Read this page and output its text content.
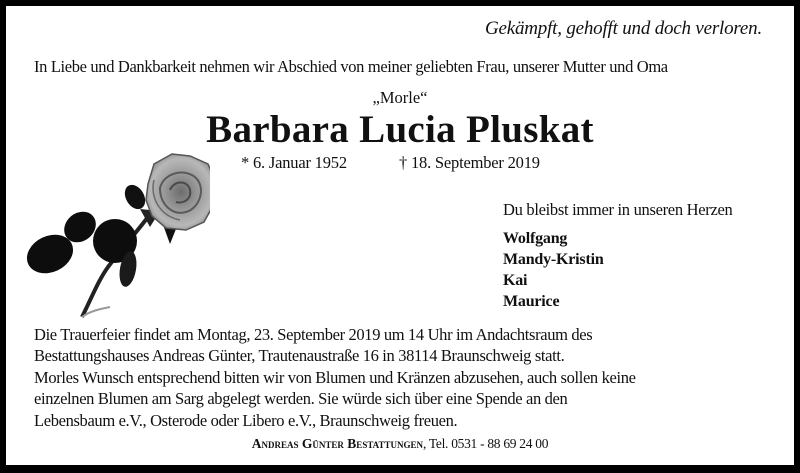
Gekämpft, gehofft und doch verloren.
In Liebe und Dankbarkeit nehmen wir Abschied von meiner geliebten Frau, unserer Mutter und Oma
„Morle“
Barbara Lucia Pluskat
* 6. Januar 1952	† 18. September 2019
Du bleibst immer in unseren Herzen
Wolfgang
Mandy-Kristin
Kai
Maurice
Die Trauerfeier findet am Montag, 23. September 2019 um 14 Uhr im Andachtsraum des
Bestattungshauses Andreas Günter, Trautenaustraße 16 in 38114 Braunschweig statt.
Morles Wunsch entsprechend bitten wir von Blumen und Kränzen abzusehen, auch sollen keine
einzelnen Blumen am Sarg abgelegt werden. Sie würde sich über eine Spende an den
Lebensbaum e.V., Osterode oder Libero e.V., Braunschweig freuen.
Andreas Günter Bestattungen, Tel. 0531 - 88 69 24 00
